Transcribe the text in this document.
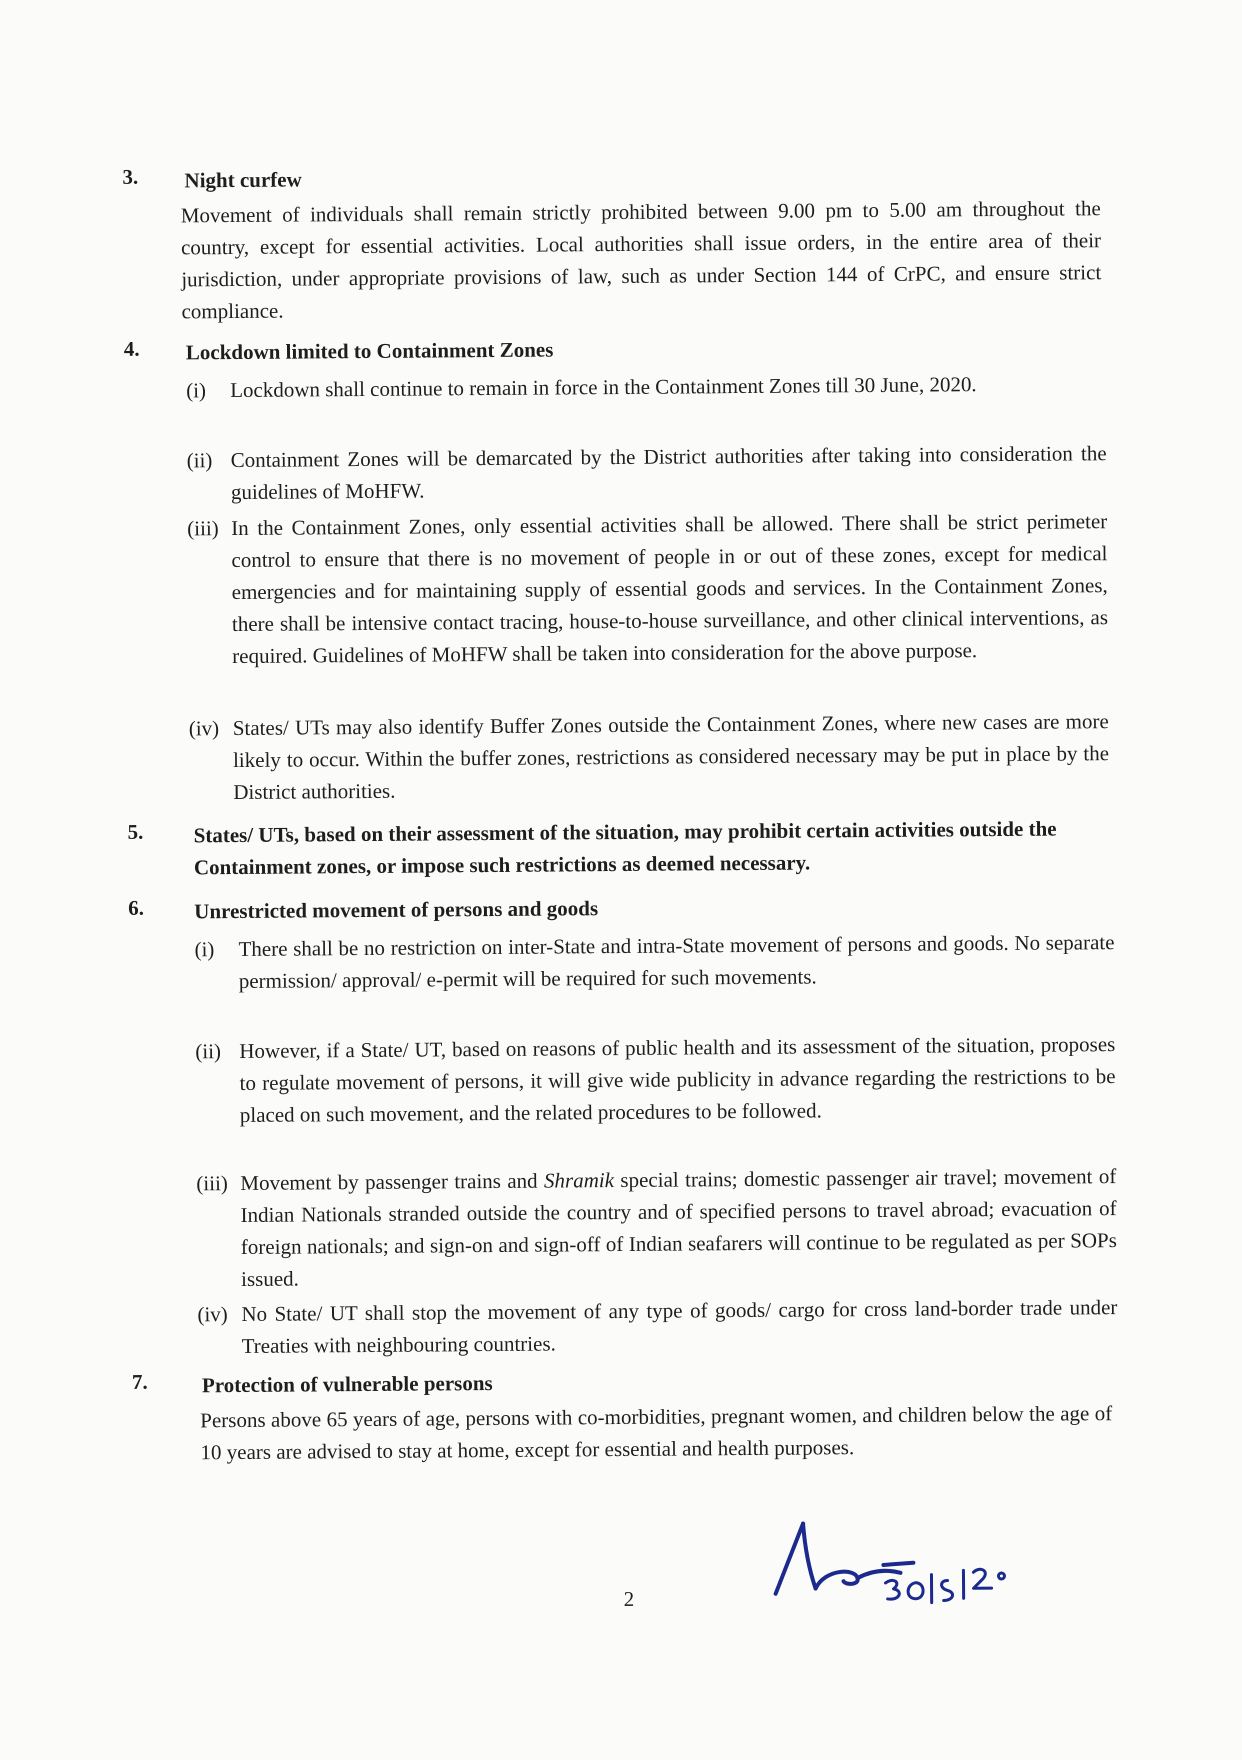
3. Night curfew
Movement of individuals shall remain strictly prohibited between 9.00 pm to 5.00 am throughout the country, except for essential activities. Local authorities shall issue orders, in the entire area of their jurisdiction, under appropriate provisions of law, such as under Section 144 of CrPC, and ensure strict compliance.
4. Lockdown limited to Containment Zones
(i) Lockdown shall continue to remain in force in the Containment Zones till 30 June, 2020.
(ii) Containment Zones will be demarcated by the District authorities after taking into consideration the guidelines of MoHFW.
(iii) In the Containment Zones, only essential activities shall be allowed. There shall be strict perimeter control to ensure that there is no movement of people in or out of these zones, except for medical emergencies and for maintaining supply of essential goods and services. In the Containment Zones, there shall be intensive contact tracing, house-to-house surveillance, and other clinical interventions, as required. Guidelines of MoHFW shall be taken into consideration for the above purpose.
(iv) States/ UTs may also identify Buffer Zones outside the Containment Zones, where new cases are more likely to occur. Within the buffer zones, restrictions as considered necessary may be put in place by the District authorities.
5. States/ UTs, based on their assessment of the situation, may prohibit certain activities outside the Containment zones, or impose such restrictions as deemed necessary.
6. Unrestricted movement of persons and goods
(i) There shall be no restriction on inter-State and intra-State movement of persons and goods. No separate permission/ approval/ e-permit will be required for such movements.
(ii) However, if a State/ UT, based on reasons of public health and its assessment of the situation, proposes to regulate movement of persons, it will give wide publicity in advance regarding the restrictions to be placed on such movement, and the related procedures to be followed.
(iii) Movement by passenger trains and Shramik special trains; domestic passenger air travel; movement of Indian Nationals stranded outside the country and of specified persons to travel abroad; evacuation of foreign nationals; and sign-on and sign-off of Indian seafarers will continue to be regulated as per SOPs issued.
(iv) No State/ UT shall stop the movement of any type of goods/ cargo for cross land-border trade under Treaties with neighbouring countries.
7.	Protection of vulnerable persons
Persons above 65 years of age, persons with co-morbidities, pregnant women, and children below the age of 10 years are advised to stay at home, except for essential and health purposes.
2
